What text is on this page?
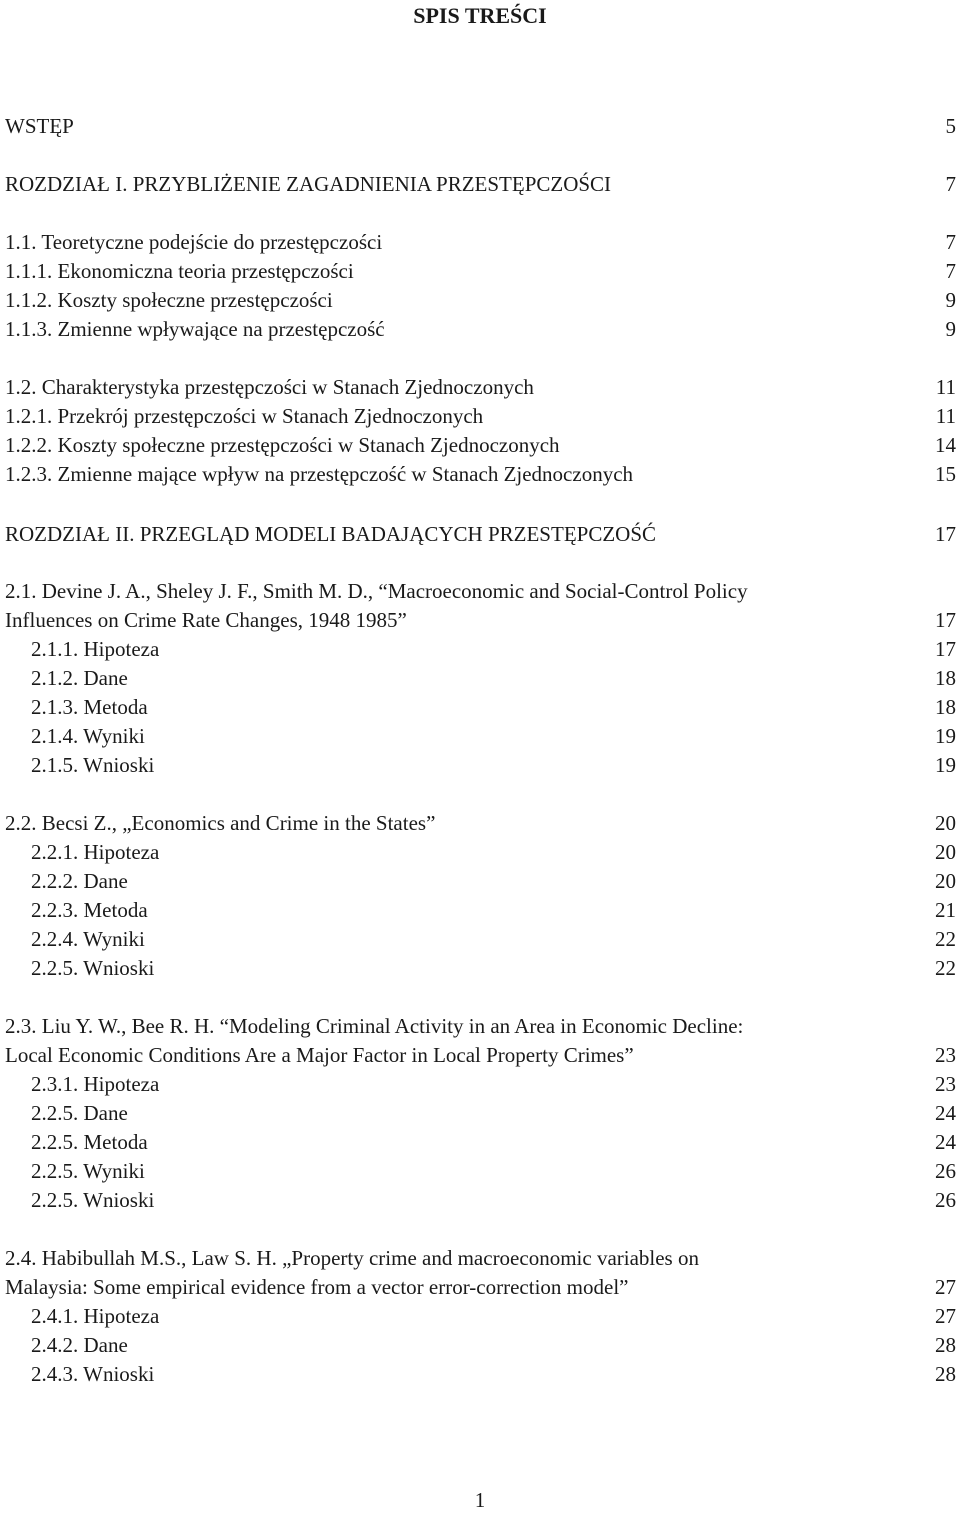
SPIS TREŚCI
WSTĘP	5
ROZDZIAŁ I. PRZYBLIŻENIE ZAGADNIENIA PRZESTĘPCZOŚCI	7
1.1. Teoretyczne podejście do przestępczości	7
1.1.1. Ekonomiczna teoria przestępczości	7
1.1.2. Koszty społeczne przestępczości	9
1.1.3. Zmienne wpływające na przestępczość	9
1.2. Charakterystyka przestępczości w Stanach Zjednoczonych	11
1.2.1. Przekrój przestępczości w Stanach Zjednoczonych	11
1.2.2. Koszty społeczne przestępczości w Stanach Zjednoczonych	14
1.2.3. Zmienne mające wpływ na przestępczość w Stanach Zjednoczonych	15
ROZDZIAŁ II. PRZEGLĄD MODELI BADAJĄCYCH PRZESTĘPCZOŚĆ	17
2.1. Devine J. A., Sheley J. F., Smith M. D., “Macroeconomic and Social-Control Policy
Influences on Crime Rate Changes, 1948 1985”	17
2.1.1. Hipoteza	17
2.1.2. Dane	18
2.1.3. Metoda	18
2.1.4. Wyniki	19
2.1.5. Wnioski	19
2.2. Becsi Z., „Economics and Crime in the States”	20
2.2.1. Hipoteza	20
2.2.2. Dane	20
2.2.3. Metoda	21
2.2.4. Wyniki	22
2.2.5. Wnioski	22
2.3. Liu Y. W., Bee R. H. “Modeling Criminal Activity in an Area in Economic Decline:
Local Economic Conditions Are a Major Factor in Local Property Crimes”	23
2.3.1. Hipoteza	23
2.2.5. Dane	24
2.2.5. Metoda	24
2.2.5. Wyniki	26
2.2.5. Wnioski	26
2.4. Habibullah M.S., Law S. H. „Property crime and macroeconomic variables on
Malaysia: Some empirical evidence from a vector error-correction model”	27
2.4.1. Hipoteza	27
2.4.2. Dane	28
2.4.3. Wnioski	28
1
